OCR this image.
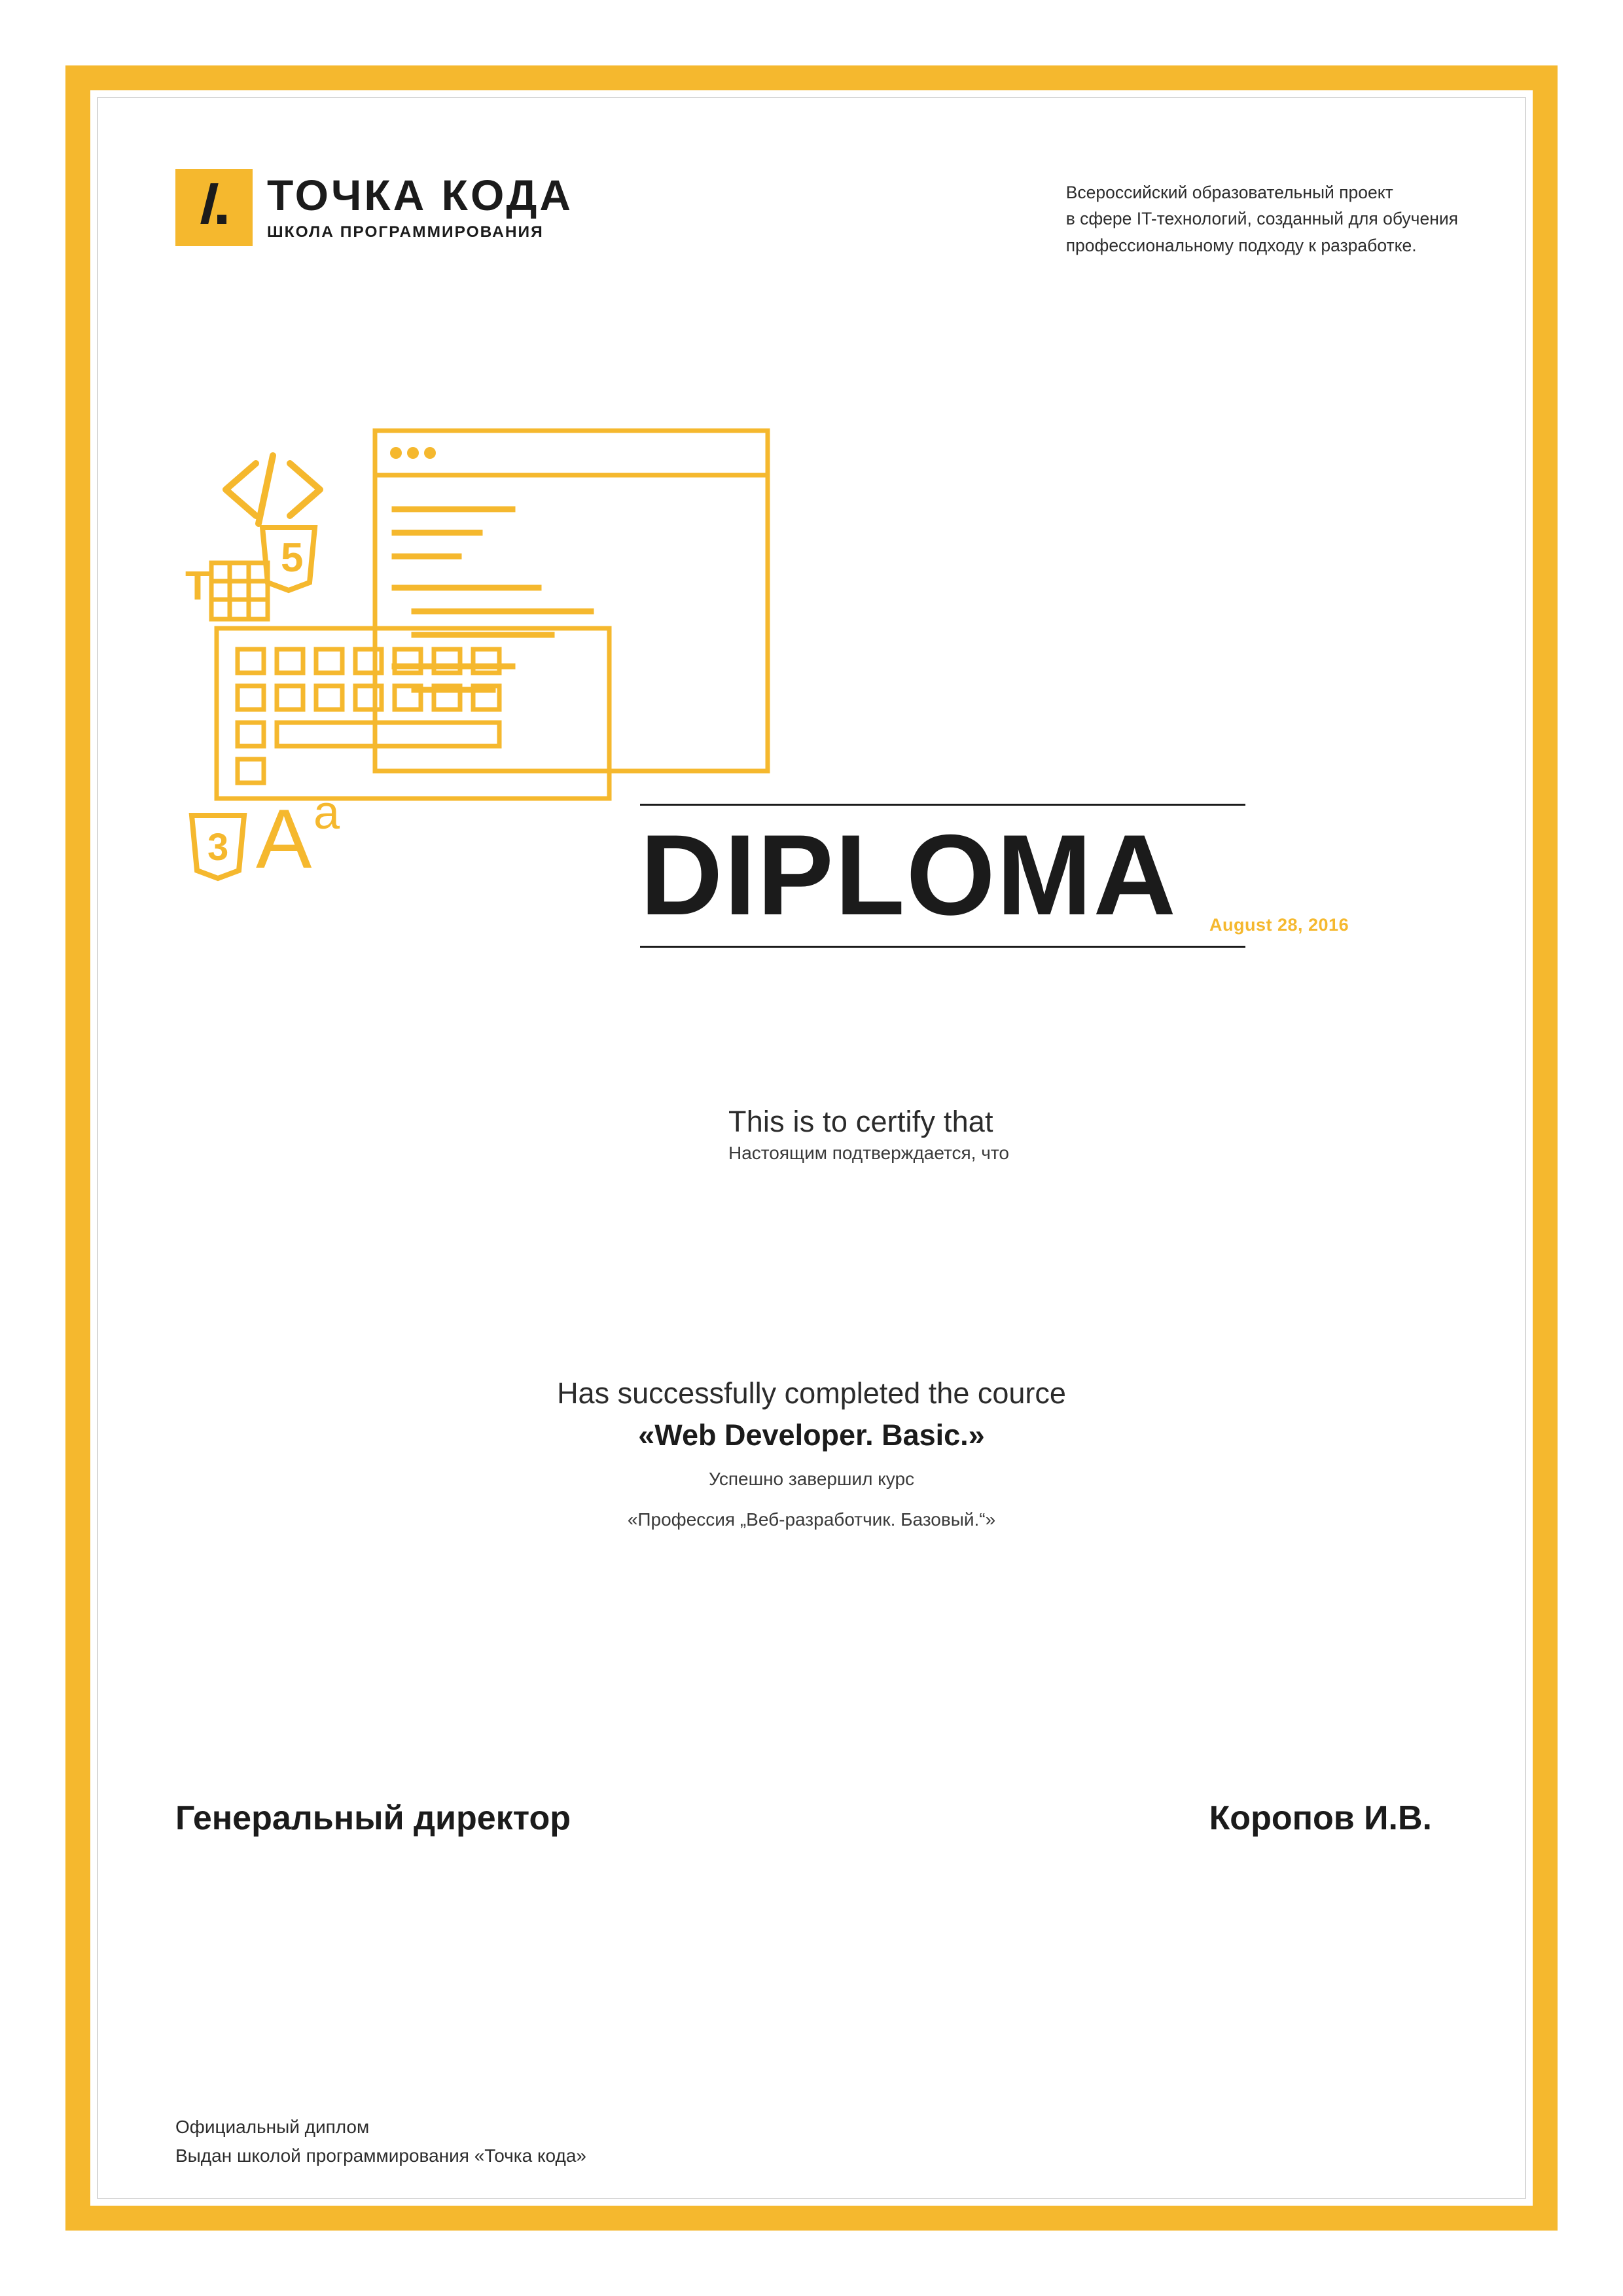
ТОЧКА КОДА
ШКОЛА ПРОГРАММИРОВАНИЯ
Всероссийский образовательный проект
в сфере IT-технологий, созданный для обучения
профессиональному подходу к разработке.
5
T
3 A a	DIPLOMA	August 28, 2016
This is to certify that
Настоящим подтверждается, что
Has successfully completed the cource
«Web Developer. Basic.»
Успешно завершил курс
«Профессия „Веб-разработчик. Базовый.“»
Генеральный директор	Коропов И.В.
Официальный диплом
Выдан школой программирования «Точка кода»
